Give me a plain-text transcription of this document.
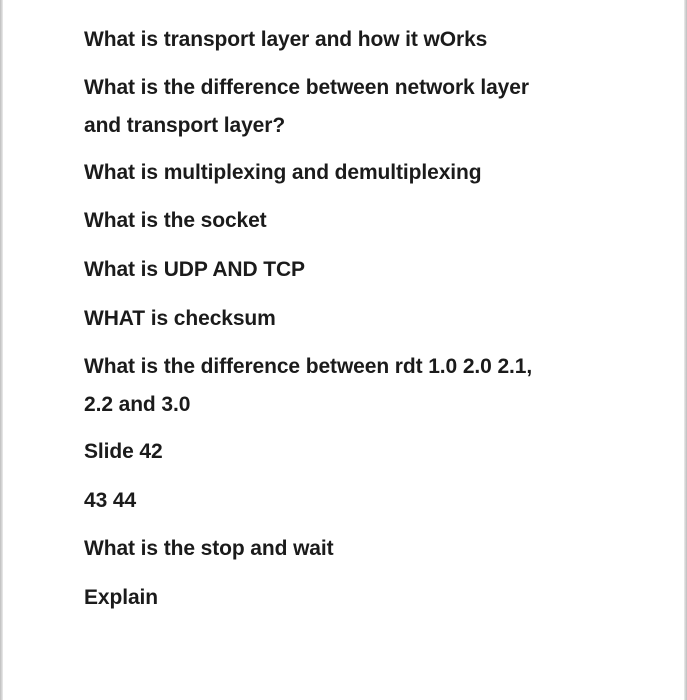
What is transport layer and how it wOrks

What is the difference between network layer

and transport layer?

What is multiplexing and demultiplexing

What is the socket

What is UDP AND TCP

WHAT is checksum

What is the difference between rdt 1.0 2.0 2.1,

2.2 and 3.0

Slide 42

43 44

What is the stop and wait

Explain
